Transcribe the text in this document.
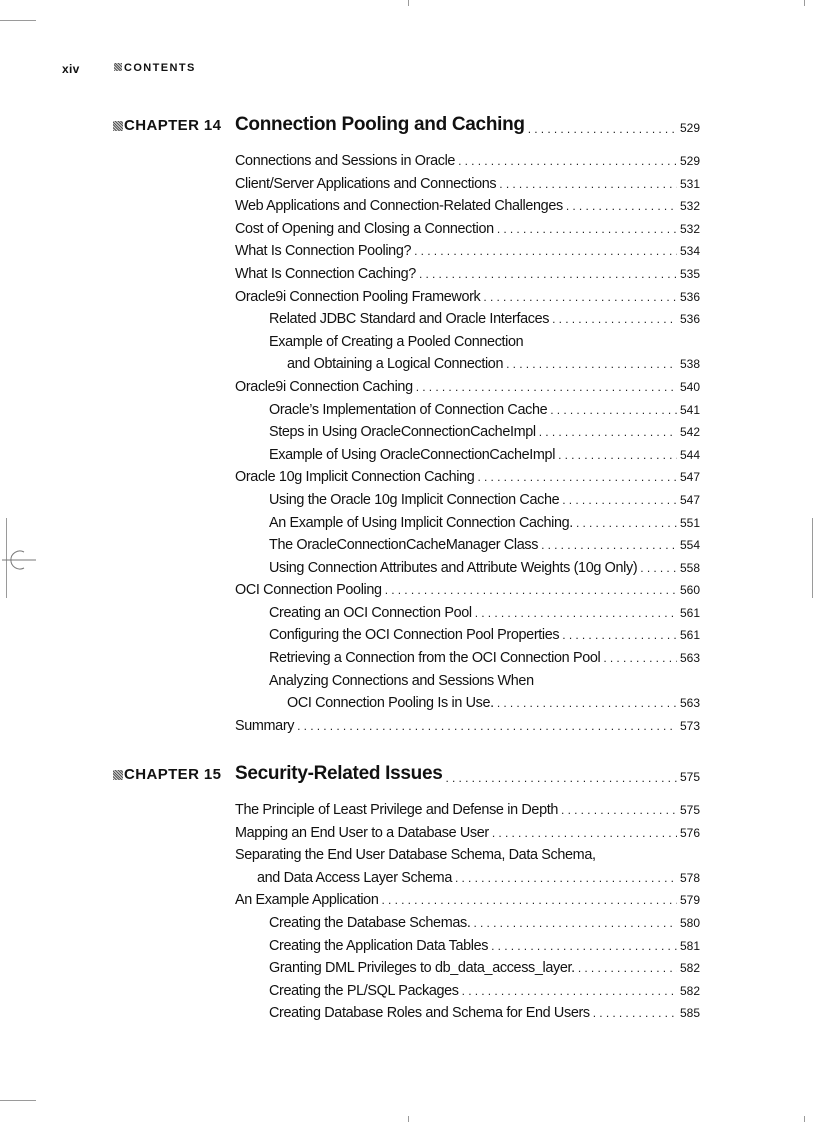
xiv	CONTENTS
CHAPTER 14 Connection Pooling and Caching .....	529
Connections and Sessions in Oracle .....	529
Client/Server Applications and Connections .....	531
Web Applications and Connection-Related Challenges .....	532
Cost of Opening and Closing a Connection .....	532
What Is Connection Pooling? .....	534
What Is Connection Caching? .....	535
Oracle9i Connection Pooling Framework .....	536
Related JDBC Standard and Oracle Interfaces .....	536
Example of Creating a Pooled Connection
and Obtaining a Logical Connection .....	538
Oracle9i Connection Caching .....	540
Oracle’s Implementation of Connection Cache .....	541
Steps in Using OracleConnectionCacheImpl .....	542
Example of Using OracleConnectionCacheImpl .....	544
Oracle 10g Implicit Connection Caching .....	547
Using the Oracle 10g Implicit Connection Cache .....	547
An Example of Using Implicit Connection Caching. .....	551
The OracleConnectionCacheManager Class .....	554
Using Connection Attributes and Attribute Weights (10g Only) .....	558
OCI Connection Pooling .....	560
Creating an OCI Connection Pool .....	561
Configuring the OCI Connection Pool Properties .....	561
Retrieving a Connection from the OCI Connection Pool .....	563
Analyzing Connections and Sessions When
OCI Connection Pooling Is in Use. .....	563
Summary .....	573
CHAPTER 15 Security-Related Issues .....	575
The Principle of Least Privilege and Defense in Depth .....	575
Mapping an End User to a Database User .....	576
Separating the End User Database Schema, Data Schema,
and Data Access Layer Schema .....	578
An Example Application .....	579
Creating the Database Schemas. .....	580
Creating the Application Data Tables .....	581
Granting DML Privileges to db_data_access_layer. .....	582
Creating the PL/SQL Packages .....	582
Creating Database Roles and Schema for End Users .....	585
